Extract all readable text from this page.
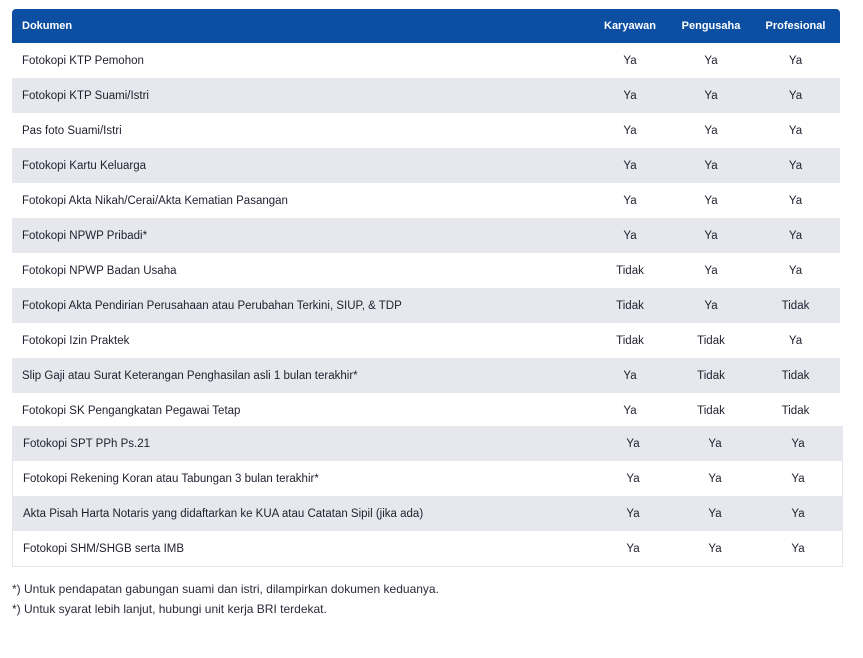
Dokumen	Karyawan	Pengusaha	Profesional
Fotokopi KTP Pemohon	Ya	Ya	Ya
Fotokopi KTP Suami/Istri	Ya	Ya	Ya
Pas foto Suami/Istri	Ya	Ya	Ya
Fotokopi Kartu Keluarga	Ya	Ya	Ya
Fotokopi Akta Nikah/Cerai/Akta Kematian Pasangan	Ya	Ya	Ya
Fotokopi NPWP Pribadi*	Ya	Ya	Ya
Fotokopi NPWP Badan Usaha	Tidak	Ya	Ya
Fotokopi Akta Pendirian Perusahaan atau Perubahan Terkini, SIUP, & TDP	Tidak	Ya	Tidak
Fotokopi Izin Praktek	Tidak	Tidak	Ya
Slip Gaji atau Surat Keterangan Penghasilan asli 1 bulan terakhir*	Ya	Tidak	Tidak
Fotokopi SK Pengangkatan Pegawai Tetap	Ya	Tidak	Tidak
Fotokopi SPT PPh Ps.21	Ya	Ya	Ya
Fotokopi Rekening Koran atau Tabungan 3 bulan terakhir*	Ya	Ya	Ya
Akta Pisah Harta Notaris yang didaftarkan ke KUA atau Catatan Sipil (jika ada)	Ya	Ya	Ya
Fotokopi SHM/SHGB serta IMB	Ya	Ya	Ya

*) Untuk pendapatan gabungan suami dan istri, dilampirkan dokumen keduanya.

*) Untuk syarat lebih lanjut, hubungi unit kerja BRI terdekat.
